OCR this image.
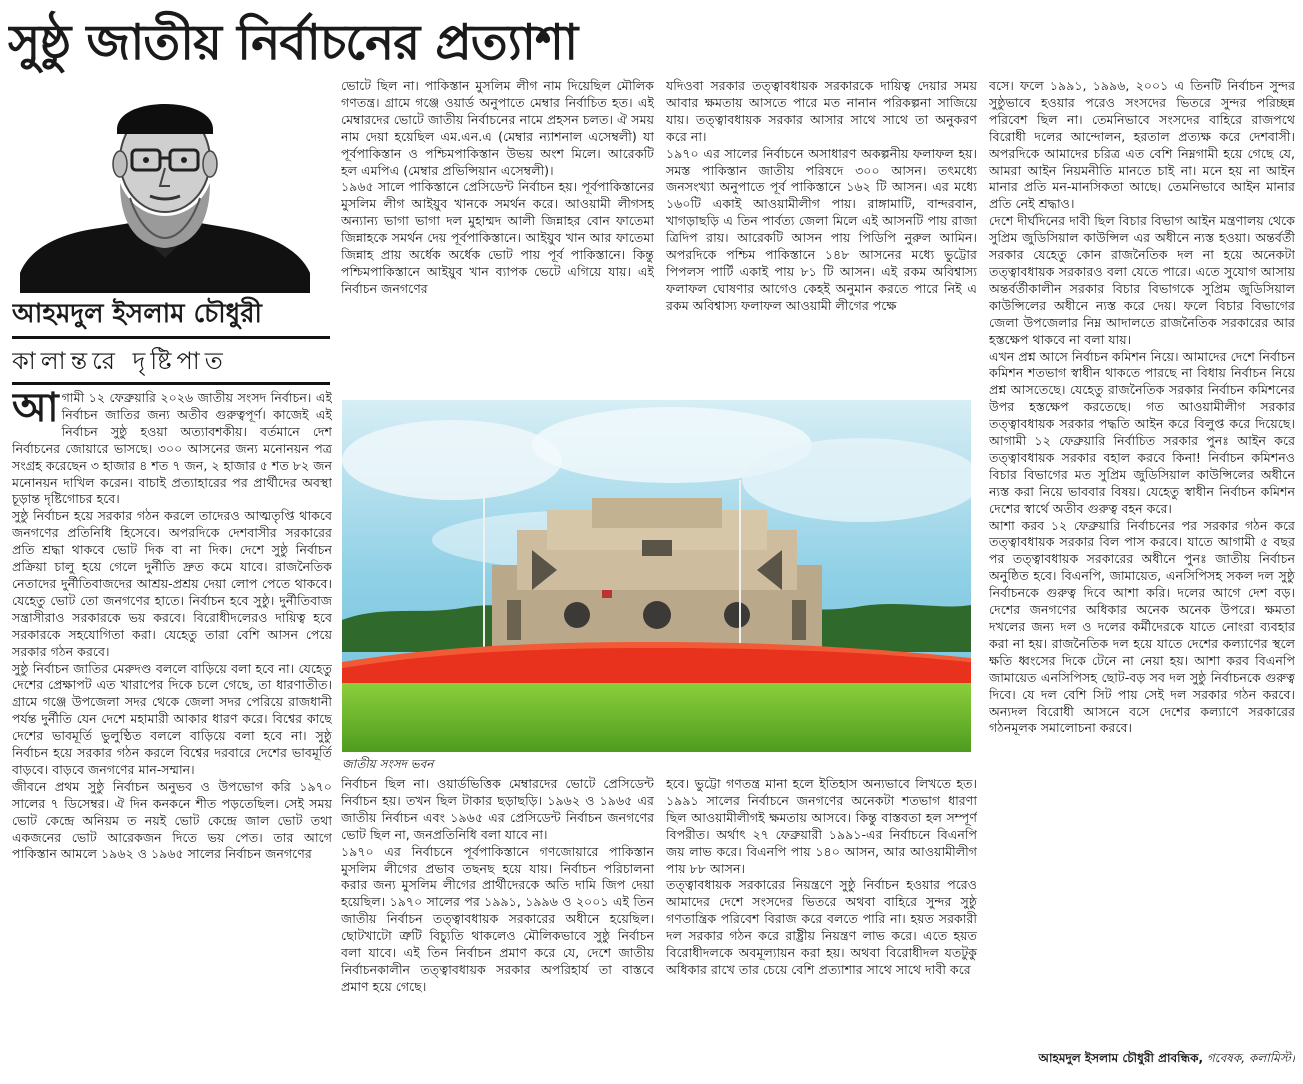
সুষ্ঠু জাতীয় নির্বাচনের প্রত্যাশা
আহমদুল ইসলাম চৌধুরী
কালান্তরে দৃষ্টিপাত

আগামী ১২ ফেব্রুয়ারি ২০২৬ জাতীয় সংসদ নির্বাচন। এই নির্বাচন জাতির জন্য অতীব গুরুত্বপূর্ণ। কাজেই এই নির্বাচন সুষ্ঠু হওয়া অত্যাবশকীয়। বর্তমানে দেশ নির্বাচনের জোয়ারে ভাসছে। ৩০০ আসনের জন্য মনোনয়ন পত্র সংগ্রহ করেছেন ৩ হাজার ৪ শত ৭ জন, ২ হাজার ৫ শত ৮২ জন মনোনয়ন দাখিল করেন। বাচাই প্রত্যাহারের পর প্রার্থীদের অবস্থা চূড়ান্ত দৃষ্টিগোচর হবে।

সুষ্ঠু নির্বাচন হয়ে সরকার গঠন করলে তাদেরও আত্মতৃপ্তি থাকবে জনগণের প্রতিনিধি হিসেবে। অপরদিকে দেশবাসীর সরকারের প্রতি শ্রদ্ধা থাকবে ভোট দিক বা না দিক। দেশে সুষ্ঠু নির্বাচন প্রক্রিয়া চালু হয়ে গেলে দুর্নীতি দ্রুত কমে যাবে। রাজনৈতিক নেতাদের দুর্নীতিবাজদের আশ্রয়-প্রশ্রয় দেয়া লোপ পেতে থাকবে। যেহেতু ভোট তো জনগণের হাতে। নির্বাচন হবে সুষ্ঠু। দুর্নীতিবাজ সন্ত্রাসীরাও সরকারকে ভয় করবে। বিরোধীদলেরও দায়িত্ব হবে সরকারকে সহযোগিতা করা। যেহেতু তারা বেশি আসন পেয়ে সরকার গঠন করবে।

সুষ্ঠু নির্বাচন জাতির মেরুদণ্ড বললে বাড়িয়ে বলা হবে না। যেহেতু দেশের প্রেক্ষাপট এত খারাপের দিকে চলে গেছে, তা ধারণাতীত। গ্রামে গঞ্জে উপজেলা সদর থেকে জেলা সদর পেরিয়ে রাজধানী পর্যন্ত দুর্নীতি যেন দেশে মহামারী আকার ধারণ করে। বিশ্বের কাছে দেশের ভাবমূর্তি ভুলুণ্ঠিত বললে বাড়িয়ে বলা হবে না। সুষ্ঠু নির্বাচন হয়ে সরকার গঠন করলে বিশ্বের দরবারে দেশের ভাবমূর্তি বাড়বে। বাড়বে জনগণের মান-সম্মান।

জীবনে প্রথম সুষ্ঠু নির্বাচন অনুভব ও উপভোগ করি ১৯৭০ সালের ৭ ডিসেম্বর। ঐ দিন কনকনে শীত পড়তেছিল। সেই সময় ভোট কেন্দ্রে অনিয়ম ত নয়ই ভোট কেন্দ্রে জাল ভোট তথা একজনের ভোট আরেকজন দিতে ভয় পেত। তার আগে পাকিস্তান আমলে ১৯৬২ ও ১৯৬৫ সালের নির্বাচন জনগণের

ভোটে ছিল না। পাকিস্তান মুসলিম লীগ নাম দিয়েছিল মৌলিক গণতন্ত্র। গ্রামে গঞ্জে ওয়ার্ড অনুপাতে মেম্বার নির্বাচিত হত। এই মেম্বারদের ভোটে জাতীয় নির্বাচনের নামে প্রহসন চলত। ঐ সময় নাম দেয়া হয়েছিল এম.এন.এ (মেম্বার ন্যাশনাল এসেম্বলী) যা পূর্বপাকিস্তান ও পশ্চিমপাকিস্তান উভয় অংশ মিলে। আরেকটি হল এমপিএ (মেম্বার প্রভিন্সিয়ান এসেম্বলী)।

১৯৬৫ সালে পাকিস্তানে প্রেসিডেন্ট নির্বাচন হয়। পূর্বপাকিস্তানের মুসলিম লীগ আইয়ুব খানকে সমর্থন করে। আওয়ামী লীগসহ অন্যান্য ভাগা ভাগা দল মুহাম্মদ আলী জিন্নাহর বোন ফাতেমা জিন্নাহকে সমর্থন দেয় পূর্বপাকিস্তানে। আইয়ুব খান আর ফাতেমা জিন্নাহ প্রায় অর্ধেক অর্ধেক ভোট পায় পূর্ব পাকিস্তানে। কিন্তু পশ্চিমপাকিস্তানে আইয়ুব খান ব্যাপক ভেটে এগিয়ে যায়। এই নির্বাচন জনগণের

যদিওবা সরকার তত্ত্বাবধায়ক সরকারকে দায়িত্ব দেয়ার সময় আবার ক্ষমতায় আসতে পারে মত নানান পরিকল্পনা সাজিয়ে যায়। তত্ত্বাবধায়ক সরকার আসার সাথে সাথে তা অনুকরণ করে না।

১৯৭০ এর সালের নির্বাচনে অসাধারণ অকল্পনীয় ফলাফল হয়। সমস্ত পাকিস্তান জাতীয় পরিষদে ৩০০ আসন। তৎমধ্যে জনসংখ্যা অনুপাতে পূর্ব পাকিস্তানে ১৬২ টি আসন। এর মধ্যে ১৬০টি একাই আওয়ামীলীগ পায়। রাঙ্গামাটি, বান্দরবান, খাগড়াছড়ি এ তিন পার্বত্য জেলা মিলে এই আসনটি পায় রাজা ত্রিদিপ রায়। আরেকটি আসন পায় পিডিপি নুরুল আমিন। অপরদিকে পশ্চিম পাকিস্তানে ১৪৮ আসনের মধ্যে ভুট্টোর পিপলস পার্টি একাই পায় ৮১ টি আসন। এই রকম অবিশ্বাস্য ফলাফল ঘোষণার আগেও কেহই অনুমান করতে পারে নিই এ রকম অবিশ্বাস্য ফলাফল আওয়ামী লীগের পক্ষে

বসে। ফলে ১৯৯১, ১৯৯৬, ২০০১ এ তিনটি নির্বাচন সুন্দর সুষ্ঠুভাবে হওয়ার পরেও সংসদের ভিতরে সুন্দর পরিচ্ছন্ন পরিবেশ ছিল না। তেমনিভাবে সংসদের বাহিরে রাজপথে বিরোধী দলের আন্দোলন, হরতাল প্রত্যক্ষ করে দেশবাসী। অপরদিকে আমাদের চরিত্র এত বেশি নিম্নগামী হয়ে গেছে যে, আমরা আইন নিয়মনীতি মানতে চাই না। মনে হয় না আইন মানার প্রতি মন-মানসিকতা আছে। তেমনিভাবে আইন মানার প্রতি নেই শ্রদ্ধাও।

দেশে দীর্ঘদিনের দাবী ছিল বিচার বিভাগ আইন মন্ত্রণালয় থেকে সুপ্রিম জুডিসিয়াল কাউন্সিল এর অধীনে ন্যস্ত হওয়া। অন্তর্বর্তী সরকার যেহেতু কোন রাজনৈতিক দল না হয়ে অনেকটা তত্ত্বাবধায়ক সরকারও বলা যেতে পারে। এতে সুযোগ আসায় অন্তর্বর্তীকালীন সরকার বিচার বিভাগকে সুপ্রিম জুডিসিয়াল কাউন্সিলের অধীনে ন্যস্ত করে দেয়। ফলে বিচার বিভাগের জেলা উপজেলার নিম্ন আদালতে রাজনৈতিক সরকারের আর হস্তক্ষেপ থাকবে না বলা যায়।

এখন প্রশ্ন আসে নির্বাচন কমিশন নিয়ে। আমাদের দেশে নির্বাচন কমিশন শতভাগ স্বাধীন থাকতে পারছে না বিধায় নির্বাচন নিয়ে প্রশ্ন আসতেছে। যেহেতু রাজনৈতিক সরকার নির্বাচন কমিশনের উপর হস্তক্ষেপ করতেছে। গত আওয়ামীলীগ সরকার তত্ত্বাবধায়ক সরকার পদ্ধতি আইন করে বিলুপ্ত করে দিয়েছে। আগামী ১২ ফেব্রুয়ারি নির্বাচিত সরকার পুনঃ আইন করে তত্ত্বাবধায়ক সরকার বহাল করবে কিনা! নির্বাচন কমিশনও বিচার বিভাগের মত সুপ্রিম জুডিসিয়াল কাউন্সিলের অধীনে ন্যস্ত করা নিয়ে ভাববার বিষয়। যেহেতু স্বাধীন নির্বাচন কমিশন দেশের স্বার্থে অতীব গুরুত্ব বহন করে।

আশা করব ১২ ফেব্রুয়ারি নির্বাচনের পর সরকার গঠন করে তত্ত্বাবধায়ক সরকার বিল পাস করবে। যাতে আগামী ৫ বছর পর তত্ত্বাবধায়ক সরকারের অধীনে পুনঃ জাতীয় নির্বাচন অনুষ্ঠিত হবে। বিএনপি, জামায়েত, এনসিপিসহ সকল দল সুষ্ঠু নির্বাচনকে গুরুত্ব দিবে আশা করি। দলের আগে দেশ বড়। দেশের জনগণের অধিকার অনেক অনেক উপরে। ক্ষমতা দখলের জন্য দল ও দলের কর্মীদেরকে যাতে নোংরা ব্যবহার করা না হয়। রাজনৈতিক দল হয়ে যাতে দেশের কল্যাণের স্থলে ক্ষতি ধ্বংসের দিকে টেনে না নেয়া হয়। আশা করব বিএনপি জামায়েত এনসিপিসহ ছোট-বড় সব দল সুষ্ঠু নির্বাচনকে গুরুত্ব দিবে। যে দল বেশি সিট পায় সেই দল সরকার গঠন করবে। অন্যদল বিরোধী আসনে বসে দেশের কল্যাণে সরকারের গঠনমূলক সমালোচনা করবে।

জাতীয় সংসদ ভবন

নির্বাচন ছিল না। ওয়ার্ডভিত্তিক মেম্বারদের ভোটে প্রেসিডেন্ট নির্বাচন হয়। তখন ছিল টাকার ছড়াছড়ি। ১৯৬২ ও ১৯৬৫ এর জাতীয় নির্বাচন এবং ১৯৬৫ এর প্রেসিডেন্ট নির্বাচন জনগণের ভোট ছিল না, জনপ্রতিনিধি বলা যাবে না।

১৯৭০ এর নির্বাচনে পূর্বপাকিস্তানে গণজোয়ারে পাকিস্তান মুসলিম লীগের প্রভাব তছনছ হয়ে যায়। নির্বাচন পরিচালনা করার জন্য মুসলিম লীগের প্রার্থীদেরকে অতি দামি জিপ দেয়া হয়েছিল। ১৯৭০ সালের পর ১৯৯১, ১৯৯৬ ও ২০০১ এই তিন জাতীয় নির্বাচন তত্ত্বাবধায়ক সরকারের অধীনে হয়েছিল। ছোটখাটো ত্রুটি বিচ্যুতি থাকলেও মৌলিকভাবে সুষ্ঠু নির্বাচন বলা যাবে। এই তিন নির্বাচন প্রমাণ করে যে, দেশে জাতীয় নির্বাচনকালীন তত্ত্বাবধায়ক সরকার অপরিহার্য তা বাস্তবে প্রমাণ হয়ে গেছে।

হবে। ভুট্টো গণতন্ত্র মানা হলে ইতিহাস অন্যভাবে লিখতে হত। ১৯৯১ সালের নির্বাচনে জনগণের অনেকটা শতভাগ ধারণা ছিল আওয়ামীলীগই ক্ষমতায় আসবে। কিন্তু বাস্তবতা হল সম্পূর্ণ বিপরীত। অর্থাৎ ২৭ ফেব্রুয়ারী ১৯৯১-এর নির্বাচনে বিএনপি জয় লাভ করে। বিএনপি পায় ১৪০ আসন, আর আওয়ামীলীগ পায় ৮৮ আসন।

তত্ত্বাবধায়ক সরকারের নিয়ন্ত্রণে সুষ্ঠু নির্বাচন হওয়ার পরেও আমাদের দেশে সংসদের ভিতরে অথবা বাহিরে সুন্দর সুষ্ঠু গণতান্ত্রিক পরিবেশ বিরাজ করে বলতে পারি না। হয়ত সরকারী দল সরকার গঠন করে রাষ্ট্রীয় নিয়ন্ত্রণ লাভ করে। এতে হয়ত বিরোধীদলকে অবমূল্যায়ন করা হয়। অথবা বিরোধীদল যতটুকু অধিকার রাখে তার চেয়ে বেশি প্রত্যাশার সাথে সাথে দাবী করে

আহমদুল ইসলাম চৌধুরী প্রাবন্ধিক, গবেষক, কলামিস্ট।
